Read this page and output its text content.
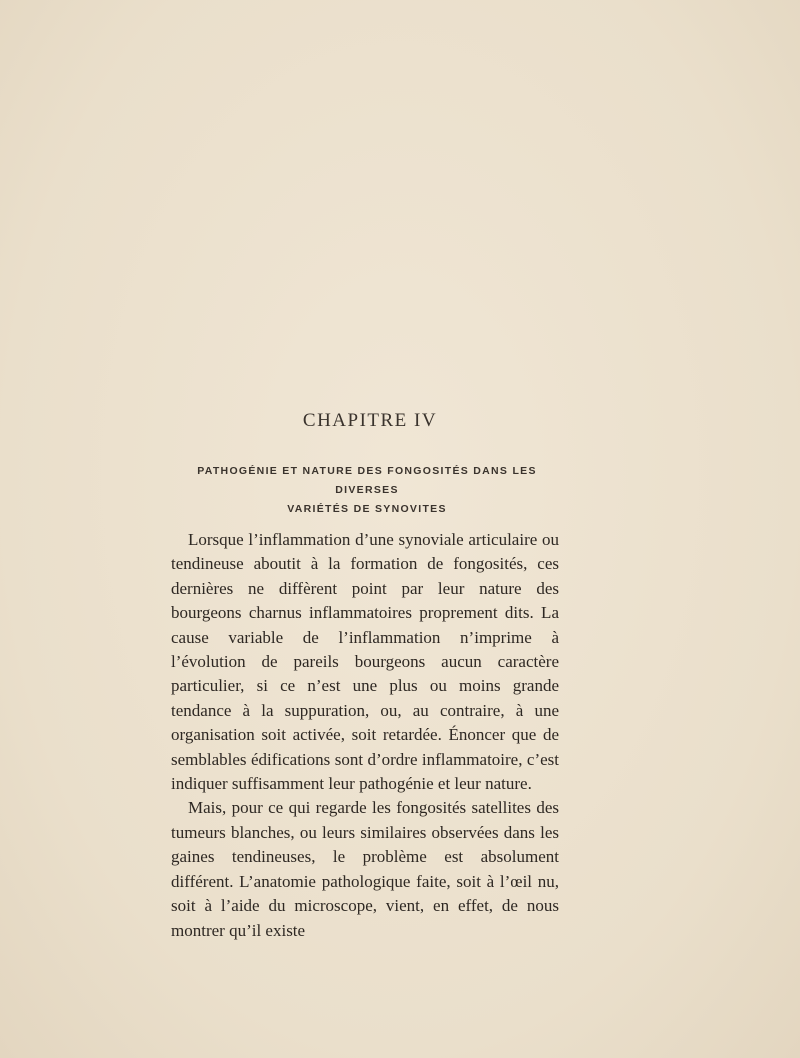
CHAPITRE IV
PATHOGÉNIE ET NATURE DES FONGOSITÉS DANS LES DIVERSES
VARIÉTÉS DE SYNOVITES

Lorsque l’inflammation d’une synoviale articulaire ou tendineuse aboutit à la formation de fongosités, ces dernières ne diffèrent point par leur nature des bourgeons charnus inflammatoires proprement dits. La cause variable de l’inflammation n’imprime à l’évolution de pareils bourgeons aucun caractère particulier, si ce n’est une plus ou moins grande tendance à la suppuration, ou, au contraire, à une organisation soit activée, soit retardée. Énoncer que de semblables édifications sont d’ordre inflammatoire, c’est indiquer suffisamment leur pathogénie et leur nature.

Mais, pour ce qui regarde les fongosités satellites des tumeurs blanches, ou leurs similaires observées dans les gaines tendineuses, le problème est absolument différent. L’anatomie pathologique faite, soit à l’œil nu, soit à l’aide du microscope, vient, en effet, de nous montrer qu’il existe
